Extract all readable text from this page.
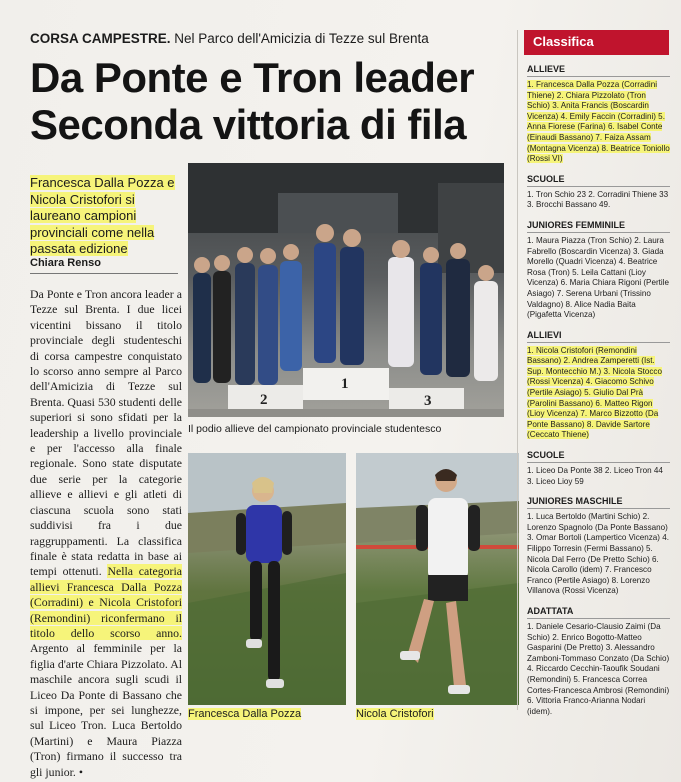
CORSA CAMPESTRE. Nel Parco dell'Amicizia di Tezze sul Brenta
Da Ponte e Tron leader
Seconda vittoria di fila
Francesca Dalla Pozza e Nicola Cristofori si laureano campioni provinciali come nella passata edizione
Chiara Renso
Da Ponte e Tron ancora leader a Tezze sul Brenta. I due licei vicentini bissano il titolo provinciale degli studenteschi di corsa campestre conquistato lo scorso anno sempre al Parco dell'Amicizia di Tezze sul Brenta. Quasi 530 studenti delle superiori si sono sfidati per la leadership a livello provinciale e per l'accesso alla finale regionale. Sono state disputate due serie per la categorie allieve e allievi e gli atleti di ciascuna scuola sono stati suddivisi fra i due raggruppamenti. La classifica finale è stata redatta in base ai tempi ottenuti. Nella categoria allievi Francesca Dalla Pozza (Corradini) e Nicola Cristofori (Remondini) riconfermano il titolo dello scorso anno. Argento al femminile per la figlia d'arte Chiara Pizzolato. Al maschile ancora sugli scudi il Liceo Da Ponte di Bassano che si impone, per sei lunghezze, sul Liceo Tron. Luca Bertoldo (Martini) e Maura Piazza (Tron) firmano il successo tra gli junior. •
1
2	3
Il podio allieve del campionato provinciale studentesco
Francesca Dalla Pozza	Nicola Cristofori
Classifica
ALLIEVE
1. Francesca Dalla Pozza (Corradini Thiene) 2. Chiara Pizzolato (Tron Schio) 3. Anita Francis (Boscardin Vicenza) 4. Emily Faccin (Corradini) 5. Anna Fiorese (Farina) 6. Isabel Conte (Einaudi Bassano) 7. Faiza Assam (Montagna Vicenza) 8. Beatrice Toniollo (Rossi VI)
SCUOLE
1. Tron Schio 23 2. Corradini Thiene 33 3. Brocchi Bassano 49.
JUNIORES FEMMINILE
1. Maura Piazza (Tron Schio) 2. Laura Fabrello (Boscardin Vicenza) 3. Giada Morello (Quadri Vicenza) 4. Beatrice Rosa (Tron) 5. Leila Cattani (Lioy Vicenza) 6. Maria Chiara Rigoni (Pertile Asiago) 7. Serena Urbani (Trissino Valdagno) 8. Alice Nadia Baita (Pigafetta Vicenza)
ALLIEVI
1. Nicola Cristofori (Remondini Bassano) 2. Andrea Zamperetti (Ist. Sup. Montecchio M.) 3. Nicola Stocco (Rossi Vicenza) 4. Giacomo Schivo (Pertile Asiago) 5. Giulio Dal Prà (Parolini Bassano) 6. Matteo Rigon (Lioy Vicenza) 7. Marco Bizzotto (Da Ponte Bassano) 8. Davide Sartore (Ceccato Thiene)
SCUOLE
1. Liceo Da Ponte 38 2. Liceo Tron 44 3. Liceo Lioy 59
JUNIORES MASCHILE
1. Luca Bertoldo (Martini Schio) 2. Lorenzo Spagnolo (Da Ponte Bassano) 3. Omar Bortoli (Lampertico Vicenza) 4. Filippo Torresin (Fermi Bassano) 5. Nicola Dal Ferro (De Pretto Schio) 6. Nicola Carollo (idem) 7. Francesco Franco (Pertile Asiago) 8. Lorenzo Villanova (Rossi Vicenza)
ADATTATA
1. Daniele Cesario-Clausio Zaimi (Da Schio) 2. Enrico Bogotto-Matteo Gasparini (De Pretto) 3. Alessandro Zamboni-Tommaso Conzato (Da Schio) 4. Riccardo Cecchin-Taoufik Soudani (Remondini) 5. Francesca Correa Cortes-Francesca Ambrosi (Remondini) 6. Vittoria Franco-Arianna Nodari (idem).
